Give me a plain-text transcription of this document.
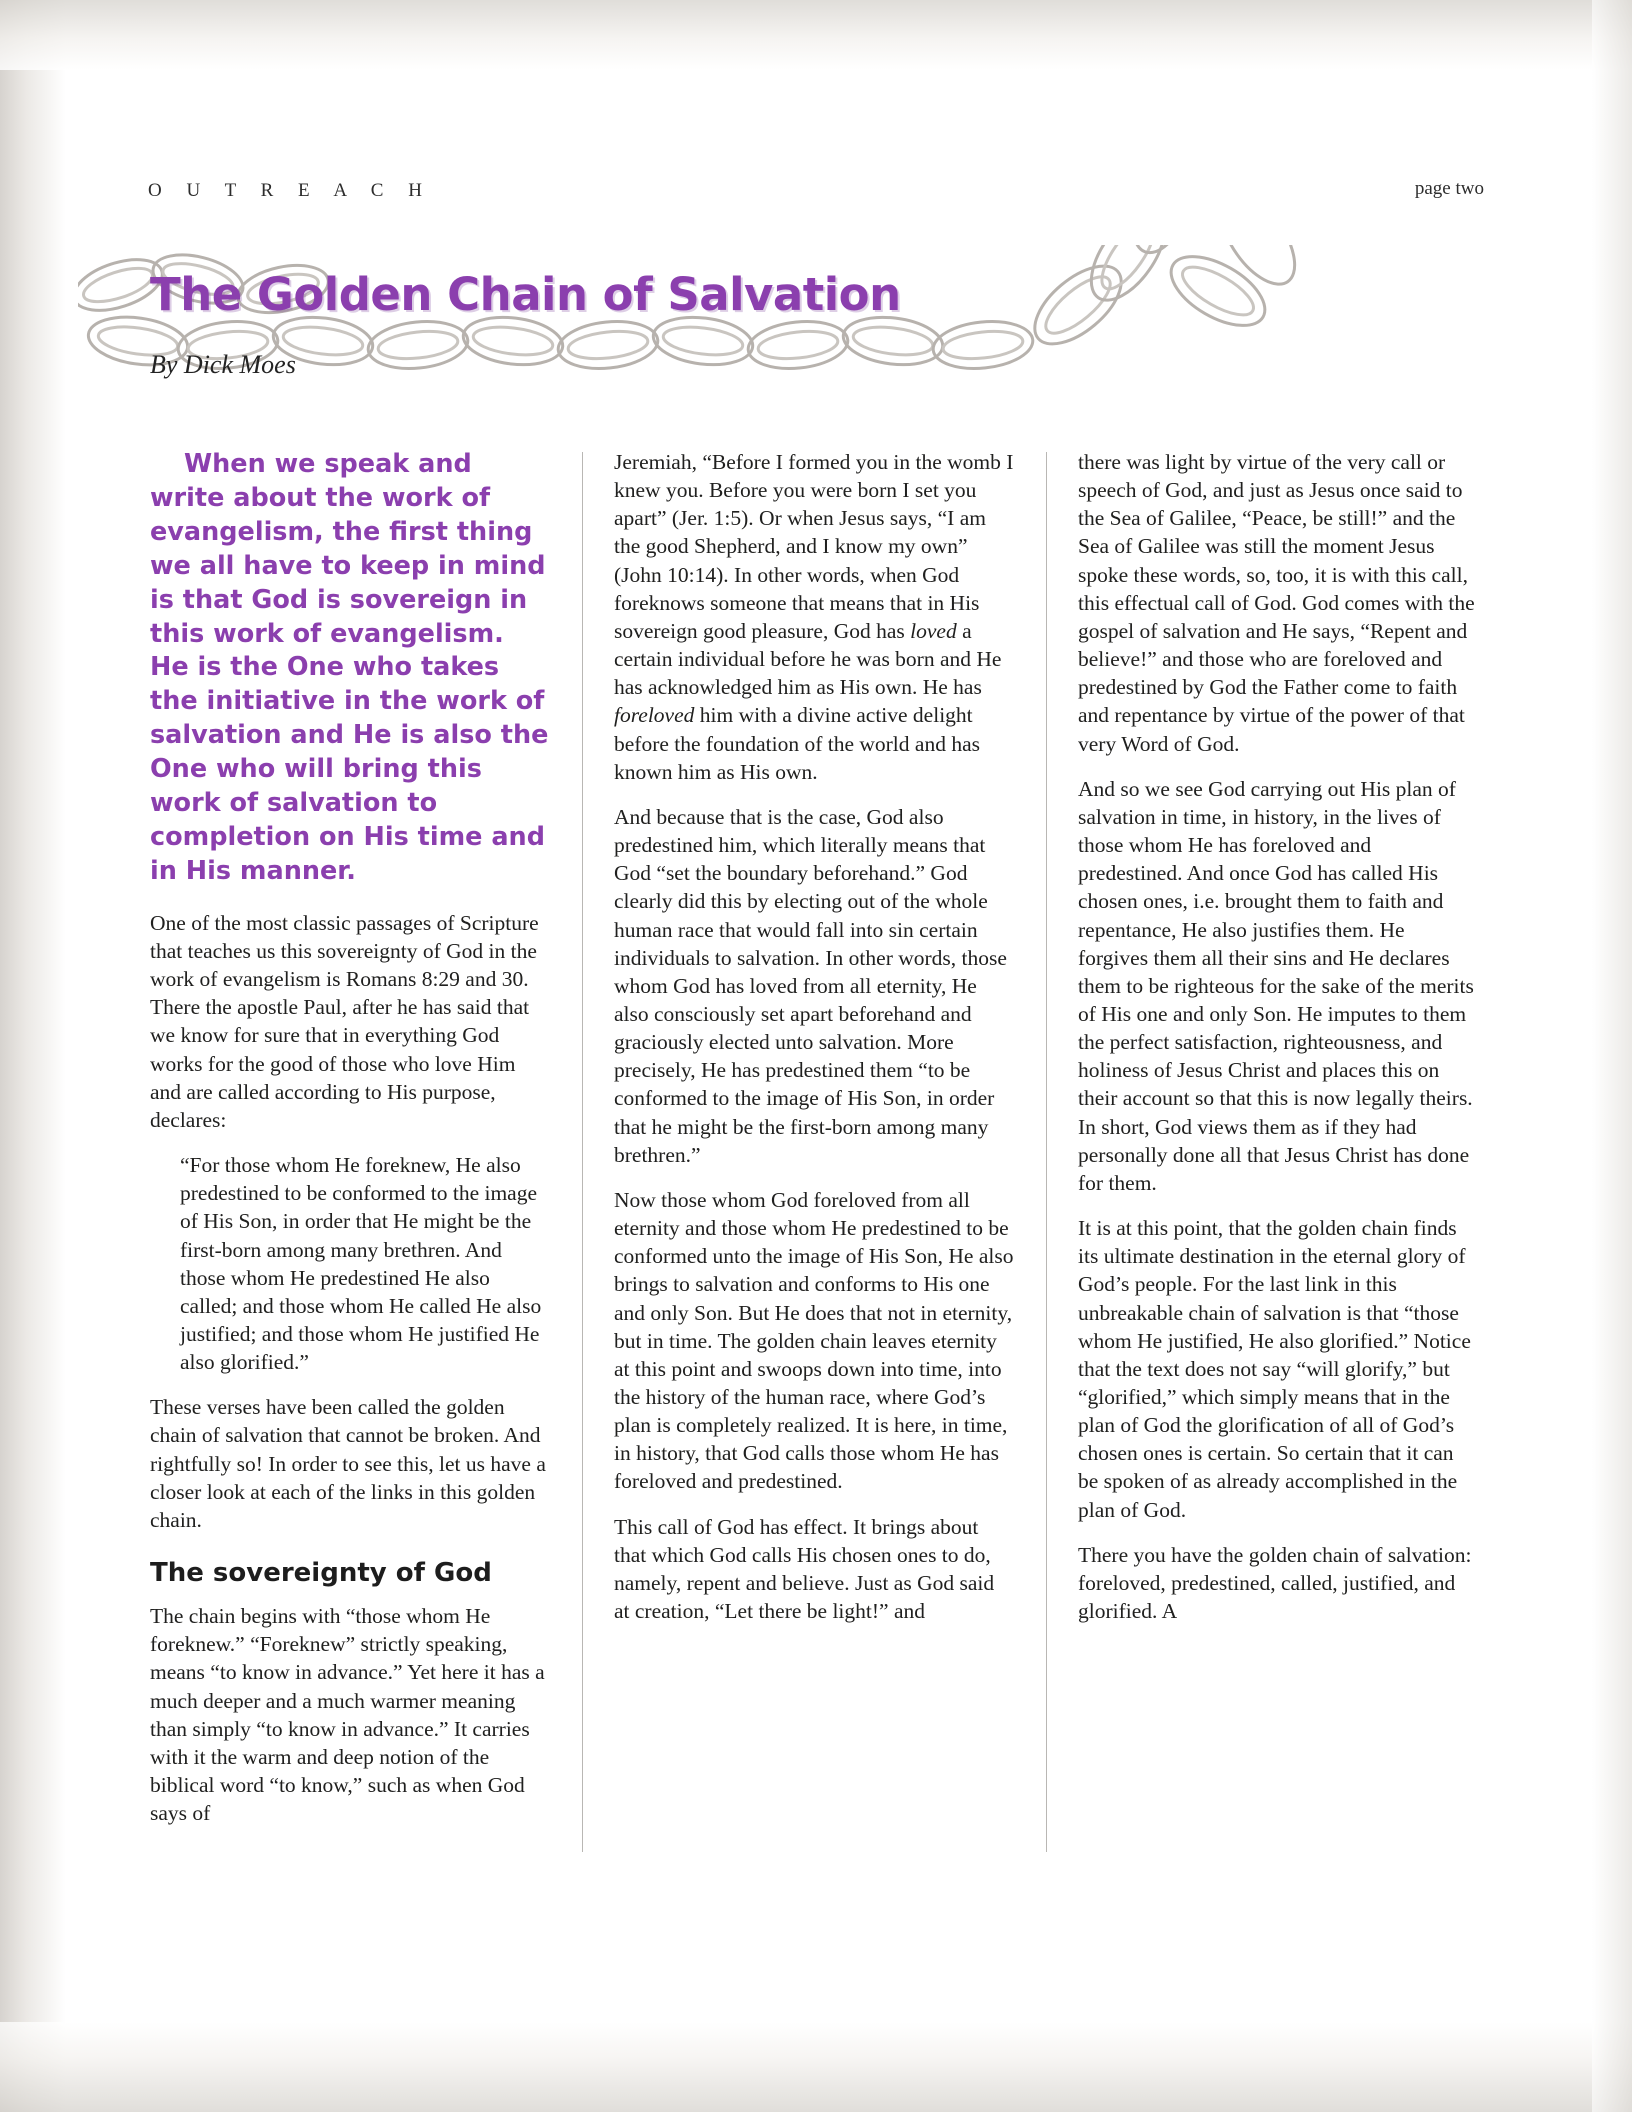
O U T R E A C H	page two
The Golden Chain of Salvation
By Dick Moes

When we speak and write about the work of evangelism, the first thing we all have to keep in mind is that God is sovereign in this work of evangelism. He is the One who takes the initiative in the work of salvation and He is also the One who will bring this work of salvation to completion on His time and in His manner.

One of the most classic passages of Scripture that teaches us this sovereignty of God in the work of evangelism is Romans 8:29 and 30. There the apostle Paul, after he has said that we know for sure that in everything God works for the good of those who love Him and are called according to His purpose, declares:

“For those whom He foreknew, He also predestined to be conformed to the image of His Son, in order that He might be the first-born among many brethren. And those whom He predestined He also called; and those whom He called He also justified; and those whom He justified He also glorified.”

These verses have been called the golden chain of salvation that cannot be broken. And rightfully so! In order to see this, let us have a closer look at each of the links in this golden chain.

The sovereignty of God

The chain begins with “those whom He foreknew.” “Foreknew” strictly speaking, means “to know in advance.” Yet here it has a much deeper and a much warmer meaning than simply “to know in advance.” It carries with it the warm and deep notion of the biblical word “to know,” such as when God says of

Jeremiah, “Before I formed you in the womb I knew you. Before you were born I set you apart” (Jer. 1:5). Or when Jesus says, “I am the good Shepherd, and I know my own” (John 10:14). In other words, when God foreknows someone that means that in His sovereign good pleasure, God has loved a certain individual before he was born and He has acknowledged him as His own. He has foreloved him with a divine active delight before the foundation of the world and has known him as His own.

And because that is the case, God also predestined him, which literally means that God “set the boundary beforehand.” God clearly did this by electing out of the whole human race that would fall into sin certain individuals to salvation. In other words, those whom God has loved from all eternity, He also consciously set apart beforehand and graciously elected unto salvation. More precisely, He has predestined them “to be conformed to the image of His Son, in order that he might be the first-born among many brethren.”

Now those whom God foreloved from all eternity and those whom He predestined to be conformed unto the image of His Son, He also brings to salvation and conforms to His one and only Son. But He does that not in eternity, but in time. The golden chain leaves eternity at this point and swoops down into time, into the history of the human race, where God’s plan is completely realized. It is here, in time, in history, that God calls those whom He has foreloved and predestined.

This call of God has effect. It brings about that which God calls His chosen ones to do, namely, repent and believe. Just as God said at creation, “Let there be light!” and

there was light by virtue of the very call or speech of God, and just as Jesus once said to the Sea of Galilee, “Peace, be still!” and the Sea of Galilee was still the moment Jesus spoke these words, so, too, it is with this call, this effectual call of God. God comes with the gospel of salvation and He says, “Repent and believe!” and those who are foreloved and predestined by God the Father come to faith and repentance by virtue of the power of that very Word of God.

And so we see God carrying out His plan of salvation in time, in history, in the lives of those whom He has foreloved and predestined. And once God has called His chosen ones, i.e. brought them to faith and repentance, He also justifies them. He forgives them all their sins and He declares them to be righteous for the sake of the merits of His one and only Son. He imputes to them the perfect satisfaction, righteousness, and holiness of Jesus Christ and places this on their account so that this is now legally theirs. In short, God views them as if they had personally done all that Jesus Christ has done for them.

It is at this point, that the golden chain finds its ultimate destination in the eternal glory of God’s people. For the last link in this unbreakable chain of salvation is that “those whom He justified, He also glorified.” Notice that the text does not say “will glorify,” but “glorified,” which simply means that in the plan of God the glorification of all of God’s chosen ones is certain. So certain that it can be spoken of as already accomplished in the plan of God.

There you have the golden chain of salvation: foreloved, predestined, called, justified, and glorified. A
